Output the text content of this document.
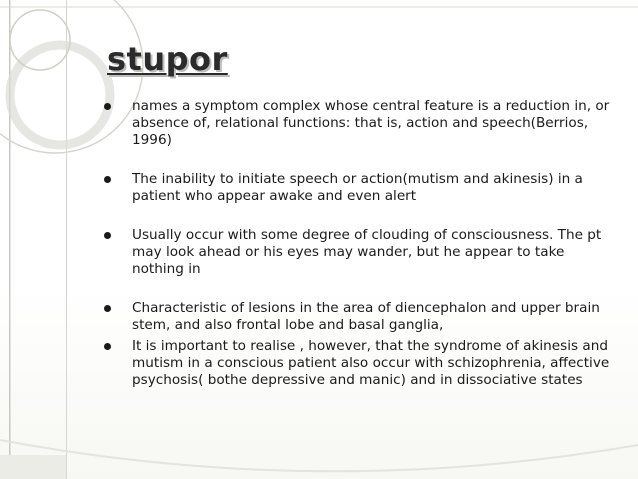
stupor
names a symptom complex whose central feature is a reduction in, or absence of, relational functions: that is, action and speech(Berrios, 1996)
The inability to initiate speech or action(mutism and akinesis) in a patient who appear awake and even alert
Usually occur with some degree of clouding of consciousness. The pt may look ahead or his eyes may wander, but he appear to take nothing in
Characteristic of lesions in the area of diencephalon and upper brain stem, and also frontal lobe and basal ganglia,
It is important to realise , however, that the syndrome of akinesis and mutism in a conscious patient also occur with schizophrenia, affective psychosis( bothe depressive and manic) and in dissociative states
